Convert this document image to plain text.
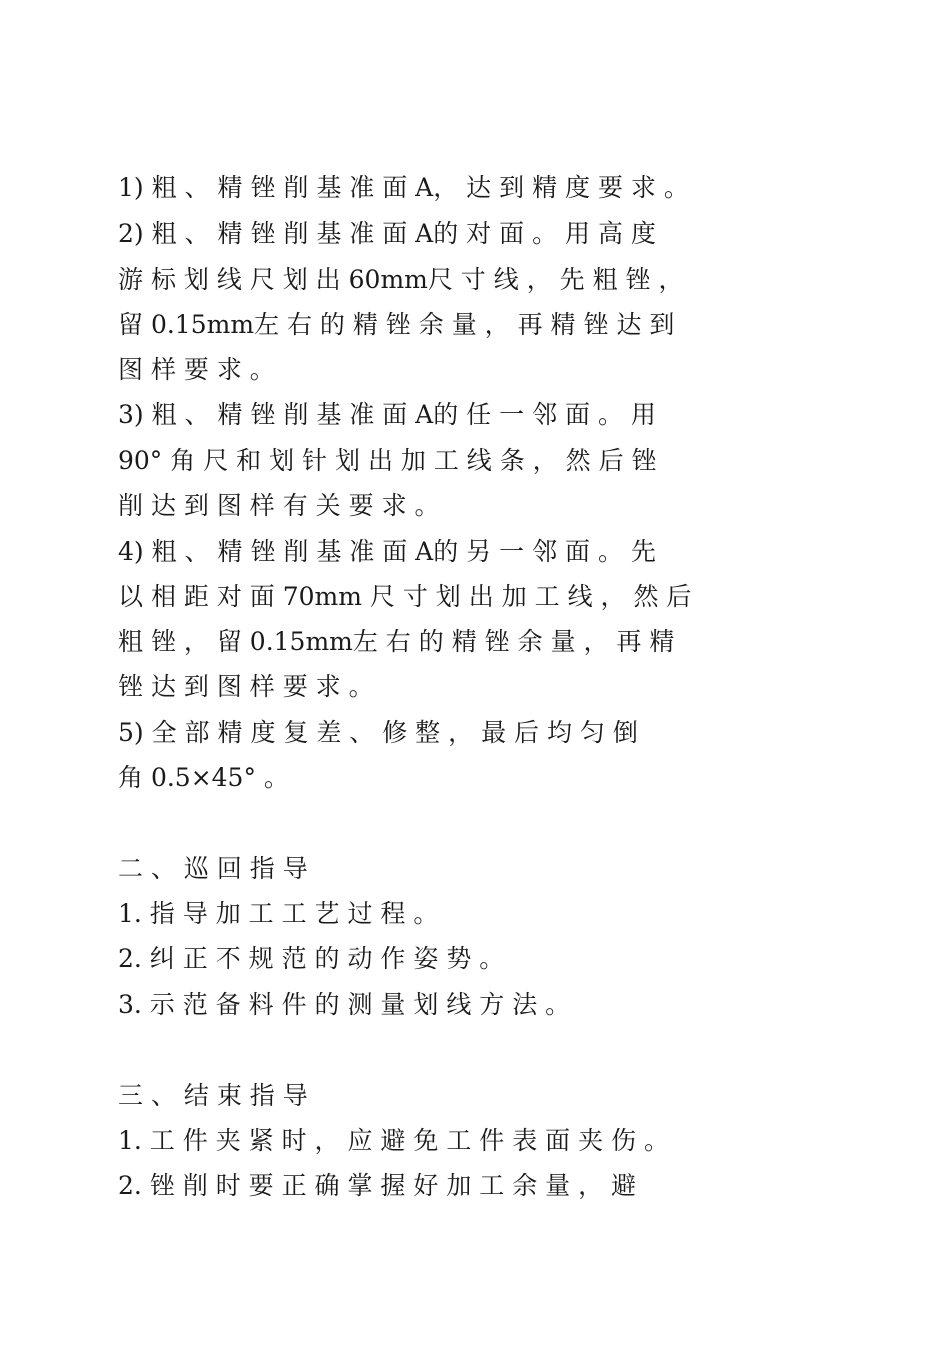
1) 粗 、 精 锉 削 基 准 面 A， 达 到 精 度 要 求 。
2) 粗 、 精 锉 削 基 准 面 A的 对 面 。 用 高 度
游 标 划 线 尺 划 出 60mm尺 寸 线 ， 先 粗 锉 ，
留 0.15mm左 右 的 精 锉 余 量 ， 再 精 锉 达 到
图 样 要 求 。
3) 粗 、 精 锉 削 基 准 面 A的 任 一 邻 面 。 用
90° 角 尺 和 划 针 划 出 加 工 线 条 ， 然 后 锉
削 达 到 图 样 有 关 要 求 。
4) 粗 、 精 锉 削 基 准 面 A的 另 一 邻 面 。 先
以 相 距 对 面 70mm 尺 寸 划 出 加 工 线 ， 然 后
粗 锉 ， 留 0.15mm左 右 的 精 锉 余 量 ， 再 精
锉 达 到 图 样 要 求 。
5) 全 部 精 度 复 差 、 修 整 ， 最 后 均 匀 倒
角 0.5×45° 。
二 、 巡 回 指 导
1. 指 导 加 工 工 艺 过 程 。
2. 纠 正 不 规 范 的 动 作 姿 势 。
3. 示 范 备 料 件 的 测 量 划 线 方 法 。
三 、 结 束 指 导
1. 工 件 夹 紧 时 ， 应 避 免 工 件 表 面 夹 伤 。
2. 锉 削 时 要 正 确 掌 握 好 加 工 余 量 ， 避
